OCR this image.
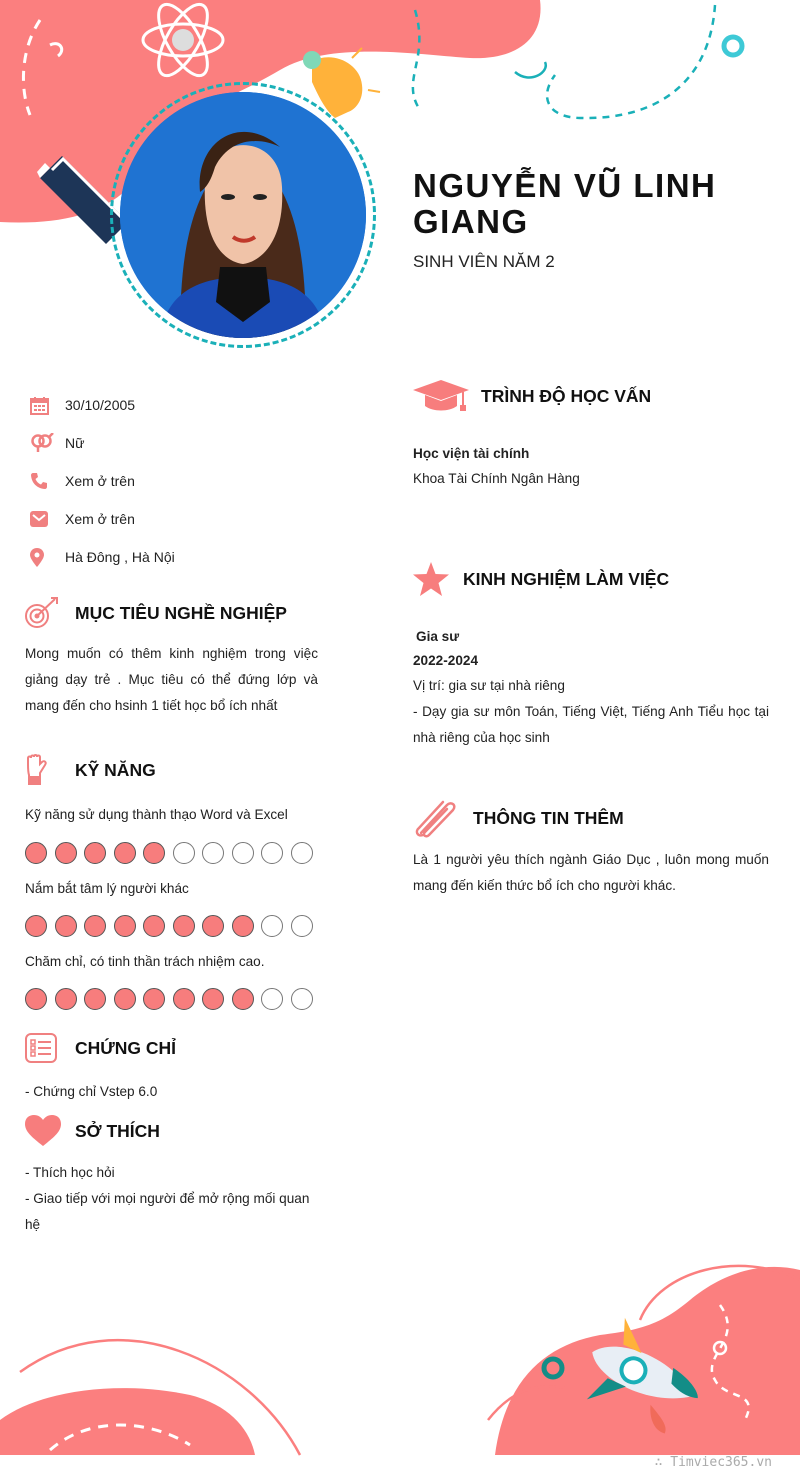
NGUYỄN VŨ LINH GIANG
SINH VIÊN NĂM 2
30/10/2005
Nữ
Xem ở trên
Xem ở trên
Hà Đông , Hà Nội
MỤC TIÊU NGHỀ NGHIỆP
Mong muốn có thêm kinh nghiệm trong việc giảng dạy trẻ . Mục tiêu có thể đứng lớp và mang đến cho hsinh 1 tiết học bổ ích nhất
KỸ NĂNG
Kỹ năng sử dụng thành thạo Word và Excel
Nắm bắt tâm lý người khác
Chăm chỉ, có tinh thần trách nhiệm cao.
CHỨNG CHỈ
- Chứng chỉ Vstep 6.0
SỞ THÍCH
- Thích học hỏi
- Giao tiếp với mọi người để mở rộng mối quan hệ
TRÌNH ĐỘ HỌC VẤN
Học viện tài chính
Khoa Tài Chính Ngân Hàng
KINH NGHIỆM LÀM VIỆC
Gia sư
2022-2024
Vị trí: gia sư tại nhà riêng
- Dạy gia sư môn Toán, Tiếng Việt, Tiếng Anh Tiểu học tại nhà riêng của học sinh
THÔNG TIN THÊM
Là 1 người yêu thích ngành Giáo Dục , luôn mong muốn mang đến kiến thức bổ ích cho người khác.
∴ Timviec365.vn
